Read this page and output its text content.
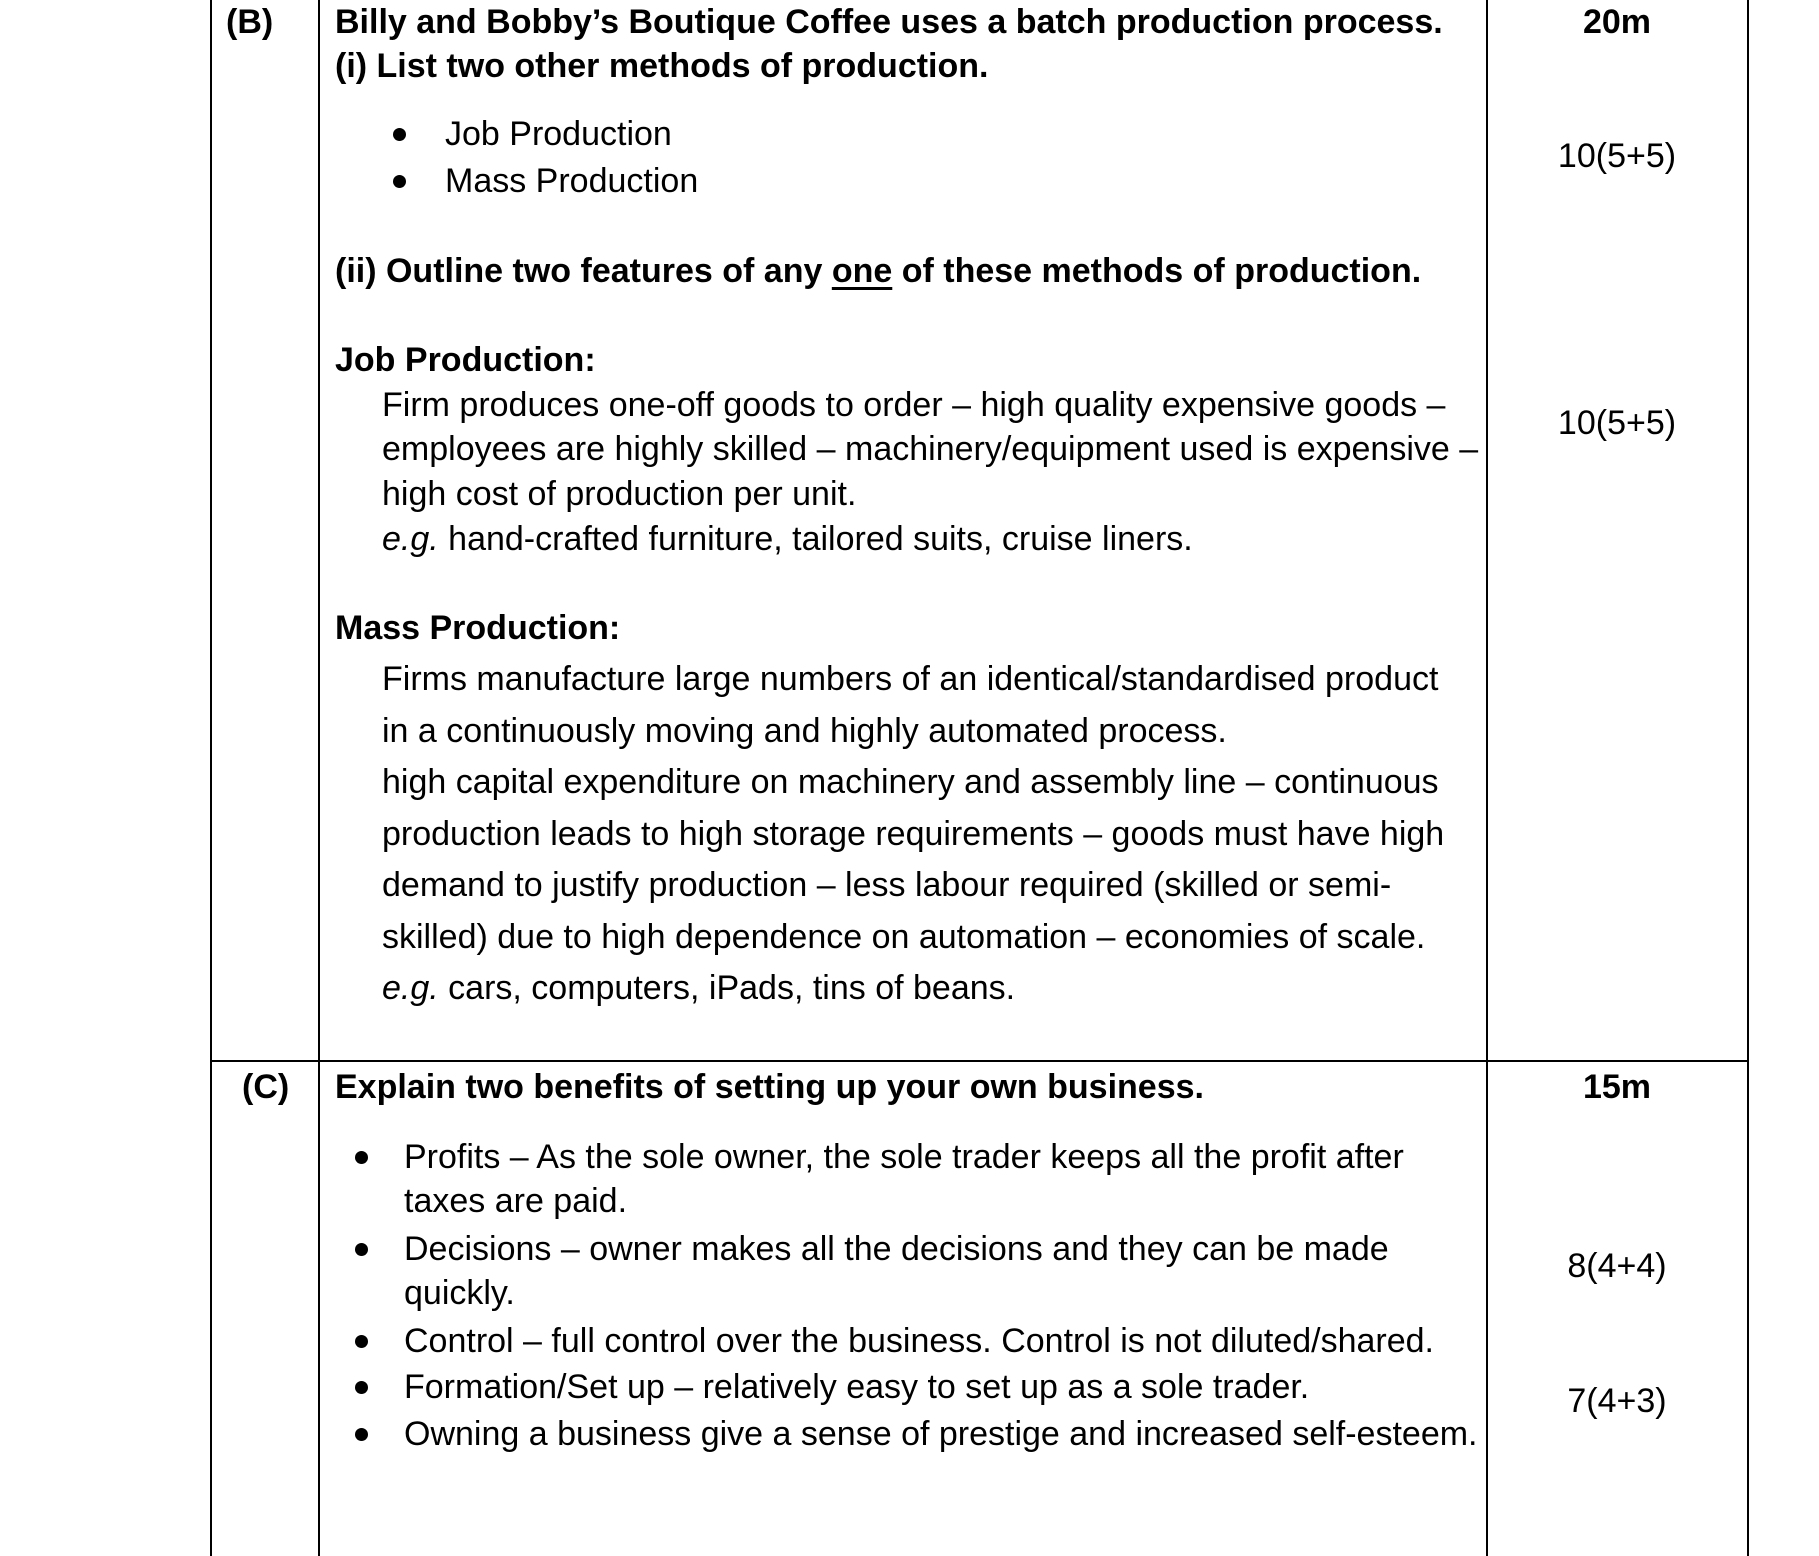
(B) Billy and Bobby’s Boutique Coffee uses a batch production process.	20m
(i) List two other methods of production.
Job Production
Mass Production
10(5+5)
(ii) Outline two features of any one of these methods of production.
Job Production:
Firm produces one-off goods to order – high quality expensive goods –
employees are highly skilled – machinery/equipment used is expensive –
high cost of production per unit.
e.g. hand-crafted furniture, tailored suits, cruise liners.
10(5+5)
Mass Production:
Firms manufacture large numbers of an identical/standardised product
in a continuously moving and highly automated process.
high capital expenditure on machinery and assembly line – continuous
production leads to high storage requirements – goods must have high
demand to justify production – less labour required (skilled or semi-
skilled) due to high dependence on automation – economies of scale.
e.g. cars, computers, iPads, tins of beans.
(C) Explain two benefits of setting up your own business.	15m
Profits – As the sole owner, the sole trader keeps all the profit after
taxes are paid.
Decisions – owner makes all the decisions and they can be made
quickly.
Control – full control over the business. Control is not diluted/shared.
Formation/Set up – relatively easy to set up as a sole trader.
Owning a business give a sense of prestige and increased self-esteem.
8(4+4)
7(4+3)
